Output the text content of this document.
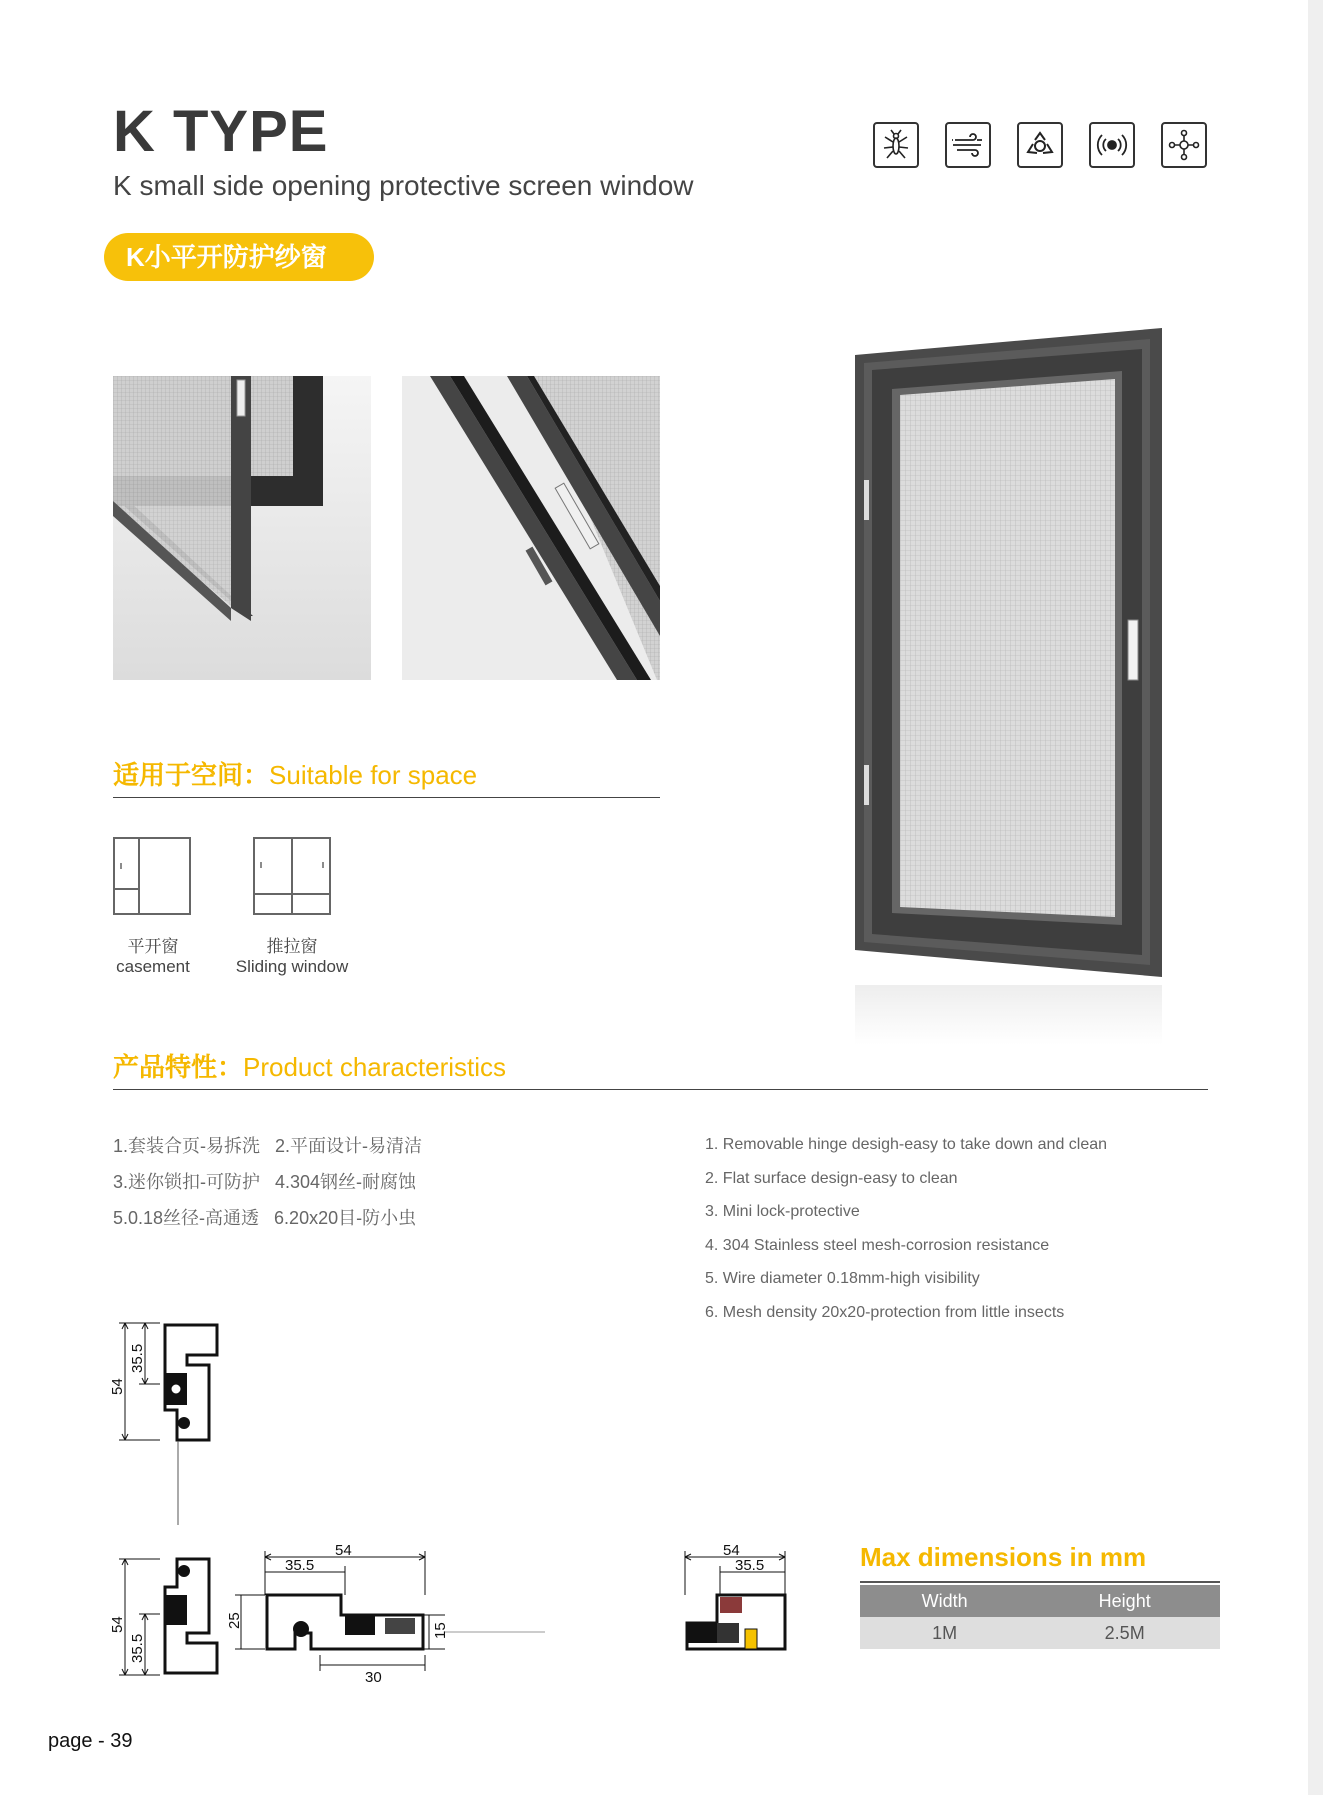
K TYPE
K small side opening protective screen window
K小平开防护纱窗
适用于空间：Suitable for space
平开窗
casement
推拉窗
Sliding window
产品特性：Product characteristics
1.套装合页-易拆洗   2.平面设计-易清洁
3.迷你锁扣-可防护   4.304钢丝-耐腐蚀
5.0.18丝径-高通透   6.20x20目-防小虫
1. Removable hinge desigh-easy to take down and clean
2. Flat surface design-easy to clean
3. Mini lock-protective
4. 304 Stainless steel mesh-corrosion resistance
5. Wire diameter 0.18mm-high visibility
6. Mesh density 20x20-protection from little insects
54
35.5
54
35.5
54
35.5
25
15
30
54
35.5	Max dimensions in mm
Width	Height
1M	2.5M
page - 39
